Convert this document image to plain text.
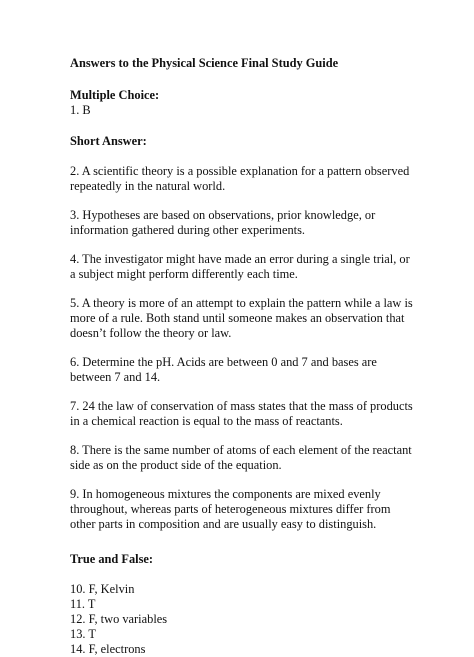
Answers to the Physical Science Final Study Guide

Multiple Choice:

1. B

Short Answer:

2. A scientific theory is a possible explanation for a pattern observed repeatedly in the natural world.
3. Hypotheses are based on observations, prior knowledge, or information gathered during other experiments.
4. The investigator might have made an error during a single trial, or a subject might perform differently each time.
5. A theory is more of an attempt to explain the pattern while a law is more of a rule. Both stand until someone makes an observation that doesn’t follow the theory or law.
6. Determine the pH. Acids are between 0 and 7 and bases are between 7 and 14.
7. 24 the law of conservation of mass states that the mass of products in a chemical reaction is equal to the mass of reactants.
8. There is the same number of atoms of each element of the reactant side as on the product side of the equation.
9. In homogeneous mixtures the components are mixed evenly throughout, whereas parts of heterogeneous mixtures differ from other parts in composition and are usually easy to distinguish.

True and False:

10. F, Kelvin
11. T
12. F, two variables
13. T
14. F, electrons
